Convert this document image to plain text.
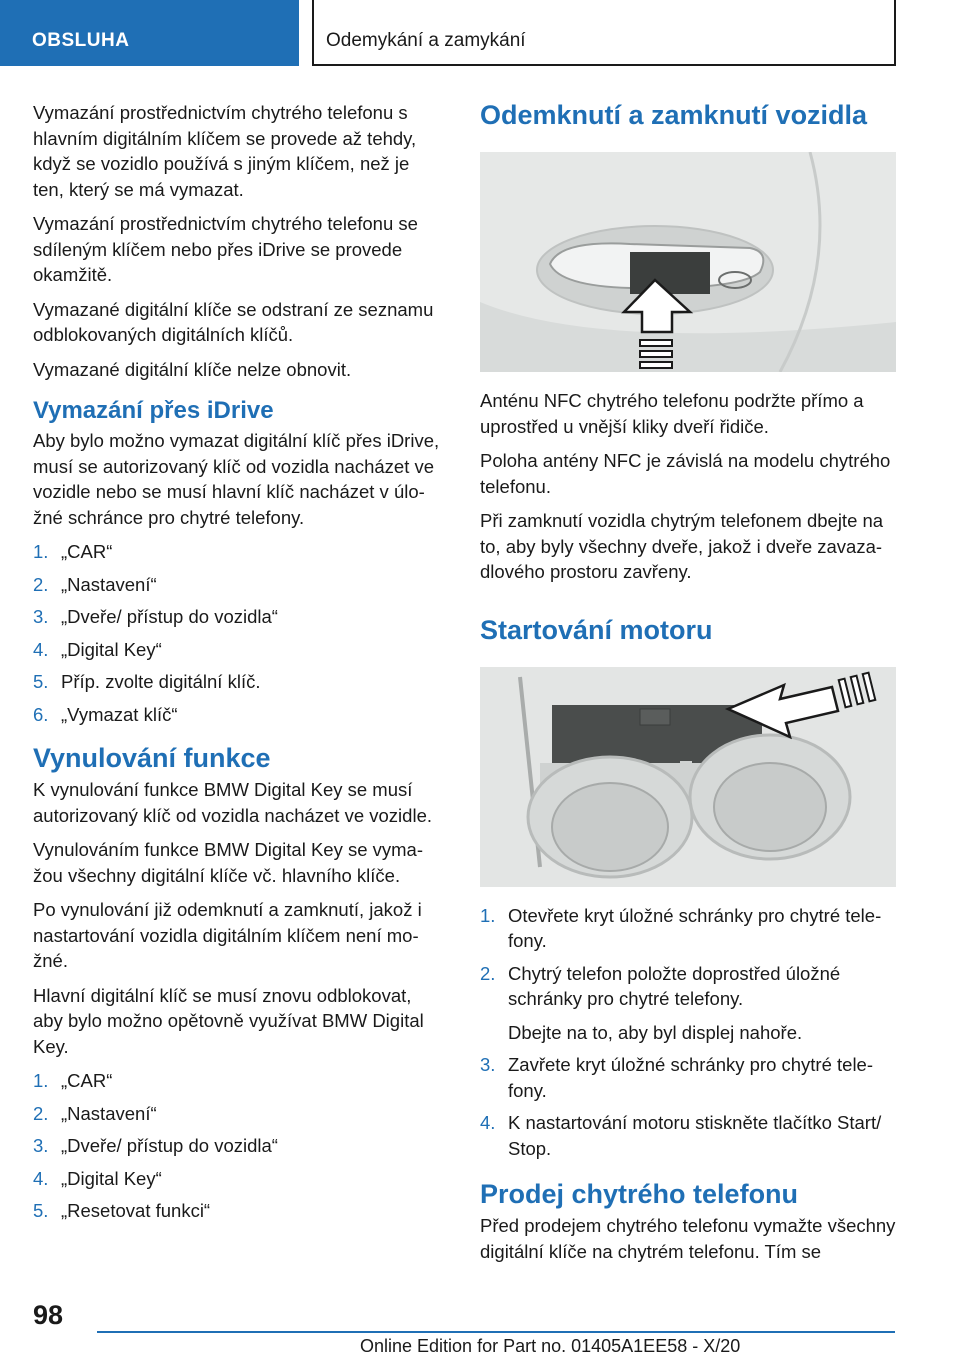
OBSLUHA	Odemykání a zamykání

Vymazání prostřednictvím chytrého telefonu s hlavním digitálním klíčem se provede až tehdy, když se vozidlo používá s jiným klíčem, než je ten, který se má vymazat.

Vymazání prostřednictvím chytrého telefonu se sdíleným klíčem nebo přes iDrive se provede okamžitě.

Vymazané digitální klíče se odstraní ze seznamu odblokovaných digitálních klíčů.

Vymazané digitální klíče nelze obnovit.

Vymazání přes iDrive

Aby bylo možno vymazat digitální klíč přes iDrive, musí se autorizovaný klíč od vozidla nacházet ve vozidle nebo se musí hlavní klíč nacházet v úložné schránce pro chytré telefony.

1. „CAR“
2. „Nastavení“
3. „Dveře/ přístup do vozidla“
4. „Digital Key“
5. Příp. zvolte digitální klíč.
6. „Vymazat klíč“
Vynulování funkce

K vynulování funkce BMW Digital Key se musí autorizovaný klíč od vozidla nacházet ve vozidle.

Vynulováním funkce BMW Digital Key se vymažou všechny digitální klíče vč. hlavního klíče.

Po vynulování již odemknutí a zamknutí, jakož i nastartování vozidla digitálním klíčem není možné.

Hlavní digitální klíč se musí znovu odblokovat, aby bylo možno opětovně využívat BMW Digital Key.

1. „CAR“
2. „Nastavení“
3. „Dveře/ přístup do vozidla“
4. „Digital Key“
5. „Resetovat funkci“
Odemknutí a zamknutí vozidla

Anténu NFC chytrého telefonu podržte přímo a uprostřed u vnější kliky dveří řidiče.

Poloha antény NFC je závislá na modelu chytrého telefonu.

Při zamknutí vozidla chytrým telefonem dbejte na to, aby byly všechny dveře, jakož i dveře zavazadlového prostoru zavřeny.

Startování motoru
1. Otevřete kryt úložné schránky pro chytré telefony.
2. Chytrý telefon položte doprostřed úložné schránky pro chytré telefony.
Dbejte na to, aby byl displej nahoře.
3. Zavřete kryt úložné schránky pro chytré telefony.
4. K nastartování motoru stiskněte tlačítko Start/ Stop.
Prodej chytrého telefonu

Před prodejem chytrého telefonu vymažte všechny digitální klíče na chytrém telefonu. Tím se

98
Online Edition for Part no. 01405A1EE58 - X/20
